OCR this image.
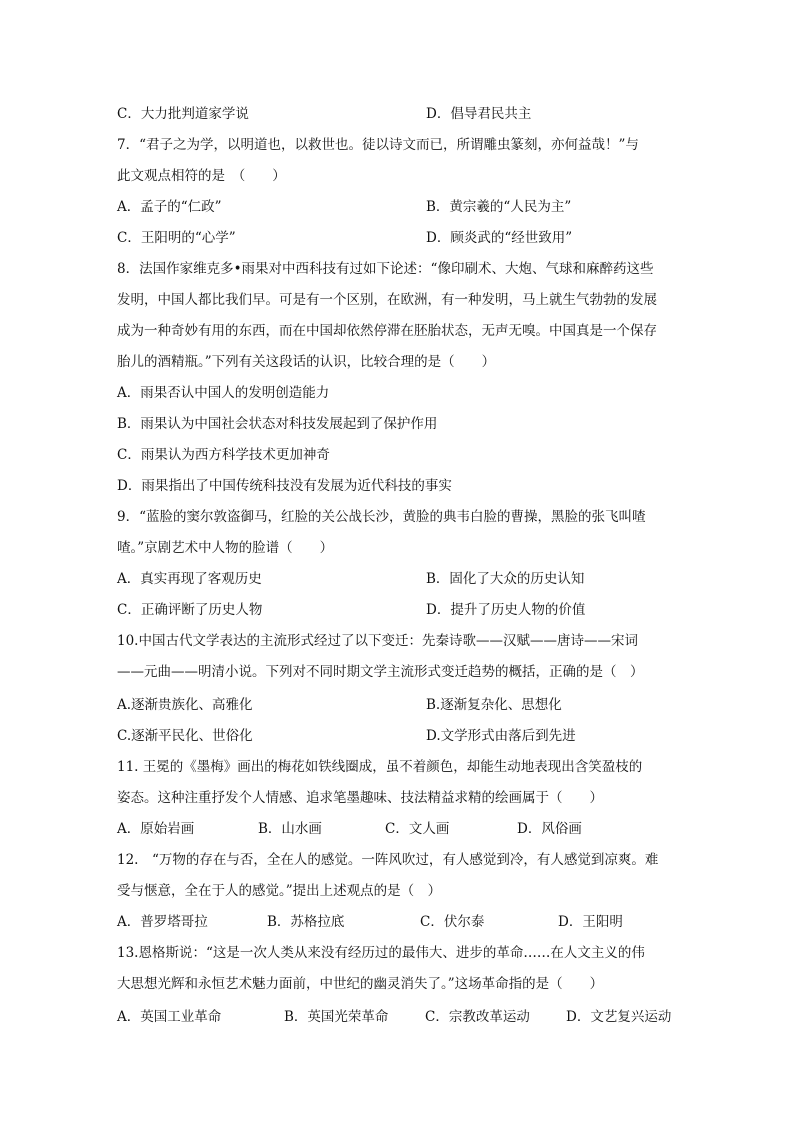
C．大力批判道家学说	D．倡导君民共主
7．“君子之为学，以明道也，以救世也。徒以诗文而已，所谓雕虫篆刻，亦何益哉！”与
此文观点相符的是　（　　）
A．孟子的“仁政”	B．黄宗羲的“人民为主”
C．王阳明的“心学”	D．顾炎武的“经世致用”
8．法国作家维克多•雨果对中西科技有过如下论述：“像印刷术、大炮、气球和麻醉药这些
发明，中国人都比我们早。可是有一个区别，在欧洲，有一种发明，马上就生气勃勃的发展
成为一种奇妙有用的东西，而在中国却依然停滞在胚胎状态，无声无嗅。中国真是一个保存
胎儿的酒精瓶。”下列有关这段话的认识，比较合理的是（　　）
A．雨果否认中国人的发明创造能力
B．雨果认为中国社会状态对科技发展起到了保护作用
C．雨果认为西方科学技术更加神奇
D．雨果指出了中国传统科技没有发展为近代科技的事实
9．“蓝脸的窦尔敦盗御马，红脸的关公战长沙，黄脸的典韦白脸的曹操，黑脸的张飞叫喳
喳。”京剧艺术中人物的脸谱（　　）
A．真实再现了客观历史	B．固化了大众的历史认知
C．正确评断了历史人物	D．提升了历史人物的价值
10.中国古代文学表达的主流形式经过了以下变迁：先秦诗歌——汉赋——唐诗——宋词
——元曲——明清小说。下列对不同时期文学主流形式变迁趋势的概括，正确的是（　）
A.逐渐贵族化、高雅化	B.逐渐复杂化、思想化
C.逐渐平民化、世俗化	D.文学形式由落后到先进
11. 王冕的《墨梅》画出的梅花如铁线圈成，虽不着颜色，却能生动地表现出含笑盈枝的
姿态。这种注重抒发个人情感、追求笔墨趣味、技法精益求精的绘画属于（　　）
A．原始岩画	B．山水画	C．文人画	D．风俗画
12.　“万物的存在与否，全在人的感觉。一阵风吹过，有人感觉到冷，有人感觉到凉爽。难
受与惬意，全在于人的感觉。”提出上述观点的是（　）
A．普罗塔哥拉	B．苏格拉底	C．伏尔泰	D．王阳明
13.恩格斯说：“这是一次人类从来没有经历过的最伟大、进步的革命……在人文主义的伟
大思想光辉和永恒艺术魅力面前，中世纪的幽灵消失了。”这场革命指的是（　　）
A．英国工业革命	B．英国光荣革命	C．宗教改革运动	D．文艺复兴运动
